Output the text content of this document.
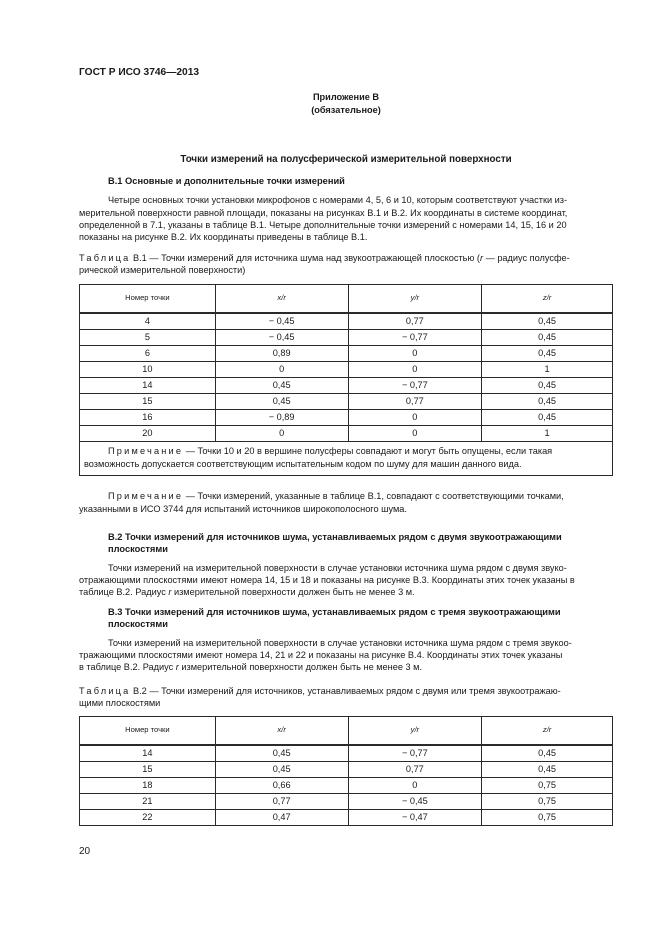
ГОСТ Р ИСО 3746—2013
Приложение В
(обязательное)
Точки измерений на полусферической измерительной поверхности
В.1 Основные и дополнительные точки измерений
Четыре основных точки установки микрофонов с номерами 4, 5, 6 и 10, которым соответствуют участки из-
мерительной поверхности равной площади, показаны на рисунках В.1 и В.2. Их координаты в системе координат,
определенной в 7.1, указаны в таблице В.1. Четыре дополнительные точки измерений с номерами 14, 15, 16 и 20
показаны на рисунке В.2. Их координаты приведены в таблице В.1.
Таблица В.1 — Точки измерений для источника шума над звукоотражающей плоскостью (r — радиус полусфе-
рической измерительной поверхности)
Номер точки	x/r	y/r	z/r
4	− 0,45	0,77	0,45
5	− 0,45	− 0,77	0,45
6	0,89	0	0,45
10	0	0	1
14	0,45	− 0,77	0,45
15	0,45	0,77	0,45
16	− 0,89	0	0,45
20	0	0	1
Примечание — Точки 10 и 20 в вершине полусферы совпадают и могут быть опущены, если такая
возможность допускается соответствующим испытательным кодом по шуму для машин данного вида.			
Примечание — Точки измерений, указанные в таблице В.1, совпадают с соответствующими точками,
указанными в ИСО 3744 для испытаний источников широкополосного шума.
В.2 Точки измерений для источников шума, устанавливаемых рядом с двумя звукоотражающими
плоскостями
Точки измерений на измерительной поверхности в случае установки источника шума рядом с двумя звуко-
отражающими плоскостями имеют номера 14, 15 и 18 и показаны на рисунке В.3. Координаты этих точек указаны в
таблице В.2. Радиус r измерительной поверхности должен быть не менее 3 м.
В.3 Точки измерений для источников шума, устанавливаемых рядом с тремя звукоотражающими
плоскостями
Точки измерений на измерительной поверхности в случае установки источника шума рядом с тремя звукоо-
тражающими плоскостями имеют номера 14, 21 и 22 и показаны на рисунке В.4. Координаты этих точек указаны
в таблице В.2. Радиус r измерительной поверхности должен быть не менее 3 м.
Таблица В.2 — Точки измерений для источников, устанавливаемых рядом с двумя или тремя звукоотражаю-
щими плоскостями
Номер точки	x/r	y/r	z/r
14	0,45	− 0,77	0,45
15	0,45	0,77	0,45
18	0,66	0	0,75
21	0,77	− 0,45	0,75
22	0,47	− 0,47	0,75
20
